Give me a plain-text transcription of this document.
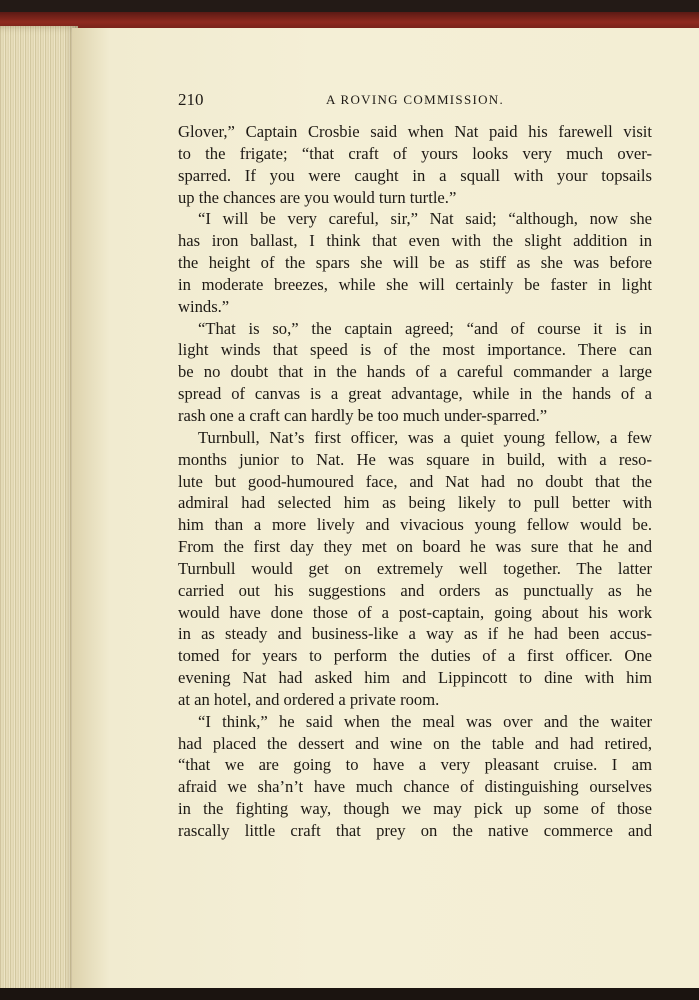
210	A ROVING COMMISSION.
Glover,” Captain Crosbie said when Nat paid his farewell visit
to the frigate; “that craft of yours looks very much over-
sparred. If you were caught in a squall with your topsails
up the chances are you would turn turtle.”
“I will be very careful, sir,” Nat said; “although, now she
has iron ballast, I think that even with the slight addition in
the height of the spars she will be as stiff as she was before
in moderate breezes, while she will certainly be faster in light
winds.”
“That is so,” the captain agreed; “and of course it is in
light winds that speed is of the most importance. There can
be no doubt that in the hands of a careful commander a large
spread of canvas is a great advantage, while in the hands of a
rash one a craft can hardly be too much under-sparred.”
Turnbull, Nat’s first officer, was a quiet young fellow, a few
months junior to Nat. He was square in build, with a reso-
lute but good-humoured face, and Nat had no doubt that the
admiral had selected him as being likely to pull better with
him than a more lively and vivacious young fellow would be.
From the first day they met on board he was sure that he and
Turnbull would get on extremely well together. The latter
carried out his suggestions and orders as punctually as he
would have done those of a post-captain, going about his work
in as steady and business-like a way as if he had been accus-
tomed for years to perform the duties of a first officer. One
evening Nat had asked him and Lippincott to dine with him
at an hotel, and ordered a private room.
“I think,” he said when the meal was over and the waiter
had placed the dessert and wine on the table and had retired,
“that we are going to have a very pleasant cruise. I am
afraid we sha’n’t have much chance of distinguishing ourselves
in the fighting way, though we may pick up some of those
rascally little craft that prey on the native commerce and
